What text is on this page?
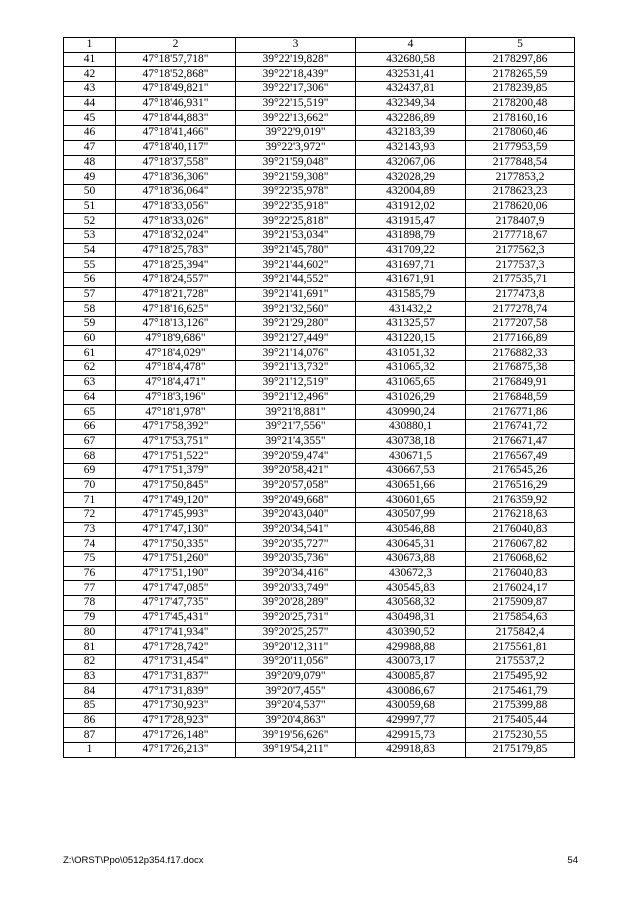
1	2	3	4	5
41	47°18'57,718"	39°22'19,828"	432680,58	2178297,86
42	47°18'52,868"	39°22'18,439"	432531,41	2178265,59
43	47°18'49,821"	39°22'17,306"	432437,81	2178239,85
44	47°18'46,931"	39°22'15,519"	432349,34	2178200,48
45	47°18'44,883"	39°22'13,662"	432286,89	2178160,16
46	47°18'41,466"	39°22'9,019"	432183,39	2178060,46
47	47°18'40,117"	39°22'3,972"	432143,93	2177953,59
48	47°18'37,558"	39°21'59,048"	432067,06	2177848,54
49	47°18'36,306"	39°21'59,308"	432028,29	2177853,2
50	47°18'36,064"	39°22'35,978"	432004,89	2178623,23
51	47°18'33,056"	39°22'35,918"	431912,02	2178620,06
52	47°18'33,026"	39°22'25,818"	431915,47	2178407,9
53	47°18'32,024"	39°21'53,034"	431898,79	2177718,67
54	47°18'25,783"	39°21'45,780"	431709,22	2177562,3
55	47°18'25,394"	39°21'44,602"	431697,71	2177537,3
56	47°18'24,557"	39°21'44,552"	431671,91	2177535,71
57	47°18'21,728"	39°21'41,691"	431585,79	2177473,8
58	47°18'16,625"	39°21'32,560"	431432,2	2177278,74
59	47°18'13,126"	39°21'29,280"	431325,57	2177207,58
60	47°18'9,686"	39°21'27,449"	431220,15	2177166,89
61	47°18'4,029"	39°21'14,076"	431051,32	2176882,33
62	47°18'4,478"	39°21'13,732"	431065,32	2176875,38
63	47°18'4,471"	39°21'12,519"	431065,65	2176849,91
64	47°18'3,196"	39°21'12,496"	431026,29	2176848,59
65	47°18'1,978"	39°21'8,881"	430990,24	2176771,86
66	47°17'58,392"	39°21'7,556"	430880,1	2176741,72
67	47°17'53,751"	39°21'4,355"	430738,18	2176671,47
68	47°17'51,522"	39°20'59,474"	430671,5	2176567,49
69	47°17'51,379"	39°20'58,421"	430667,53	2176545,26
70	47°17'50,845"	39°20'57,058"	430651,66	2176516,29
71	47°17'49,120"	39°20'49,668"	430601,65	2176359,92
72	47°17'45,993"	39°20'43,040"	430507,99	2176218,63
73	47°17'47,130"	39°20'34,541"	430546,88	2176040,83
74	47°17'50,335"	39°20'35,727"	430645,31	2176067,82
75	47°17'51,260"	39°20'35,736"	430673,88	2176068,62
76	47°17'51,190"	39°20'34,416"	430672,3	2176040,83
77	47°17'47,085"	39°20'33,749"	430545,83	2176024,17
78	47°17'47,735"	39°20'28,289"	430568,32	2175909,87
79	47°17'45,431"	39°20'25,731"	430498,31	2175854,63
80	47°17'41,934"	39°20'25,257"	430390,52	2175842,4
81	47°17'28,742"	39°20'12,311"	429988,88	2175561,81
82	47°17'31,454"	39°20'11,056"	430073,17	2175537,2
83	47°17'31,837"	39°20'9,079"	430085,87	2175495,92
84	47°17'31,839"	39°20'7,455"	430086,67	2175461,79
85	47°17'30,923"	39°20'4,537"	430059,68	2175399,88
86	47°17'28,923"	39°20'4,863"	429997,77	2175405,44
87	47°17'26,148"	39°19'56,626"	429915,73	2175230,55
1	47°17'26,213"	39°19'54,211"	429918,83	2175179,85
Z:\ORST\Ppo\0512p354.f17.docx	54
